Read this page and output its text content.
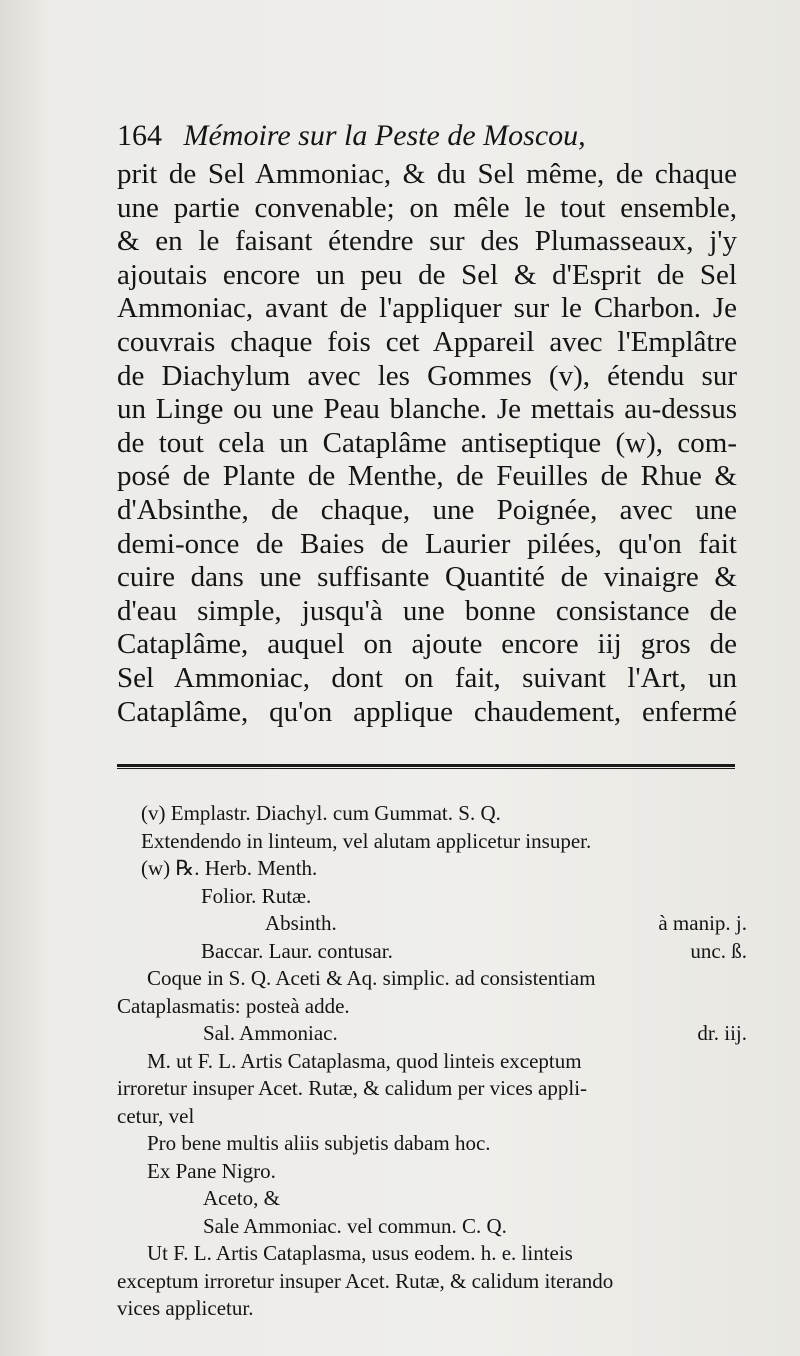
164 Mémoire sur la Peste de Moscou,
prit de Sel Ammoniac, & du Sel même, de chaque
une partie convenable; on mêle le tout ensemble,
& en le faisant étendre sur des Plumasseaux, j'y
ajoutais encore un peu de Sel & d'Esprit de Sel
Ammoniac, avant de l'appliquer sur le Charbon. Je
couvrais chaque fois cet Appareil avec l'Emplâtre
de Diachylum avec les Gommes (v), étendu sur
un Linge ou une Peau blanche. Je mettais au-dessus
de tout cela un Cataplâme antiseptique (w), com-
posé de Plante de Menthe, de Feuilles de Rhue &
d'Absinthe, de chaque, une Poignée, avec une
demi-once de Baies de Laurier pilées, qu'on fait
cuire dans une suffisante Quantité de vinaigre &
d'eau simple, jusqu'à une bonne consistance de
Cataplâme, auquel on ajoute encore iij gros de
Sel Ammoniac, dont on fait, suivant l'Art, un
Cataplâme, qu'on applique chaudement, enfermé
(v) Emplastr. Diachyl. cum Gummat. S. Q.
Extendendo in linteum, vel alutam applicetur insuper.
(w) ℞. Herb. Menth.
Folior. Rutæ.
Absinth.	à manip. j.
Baccar. Laur. contusar.	unc. ß.
Coque in S. Q. Aceti & Aq. simplic. ad consistentiam
Cataplasmatis: posteà adde.
Sal. Ammoniac.	dr. iij.
M. ut F. L. Artis Cataplasma, quod linteis exceptum
irroretur insuper Acet. Rutæ, & calidum per vices appli-
cetur, vel
Pro bene multis aliis subjetis dabam hoc.
Ex Pane Nigro.
Aceto, &
Sale Ammoniac. vel commun. C. Q.
Ut F. L. Artis Cataplasma, usus eodem. h. e. linteis
exceptum irroretur insuper Acet. Rutæ, & calidum iterando
vices applicetur.
